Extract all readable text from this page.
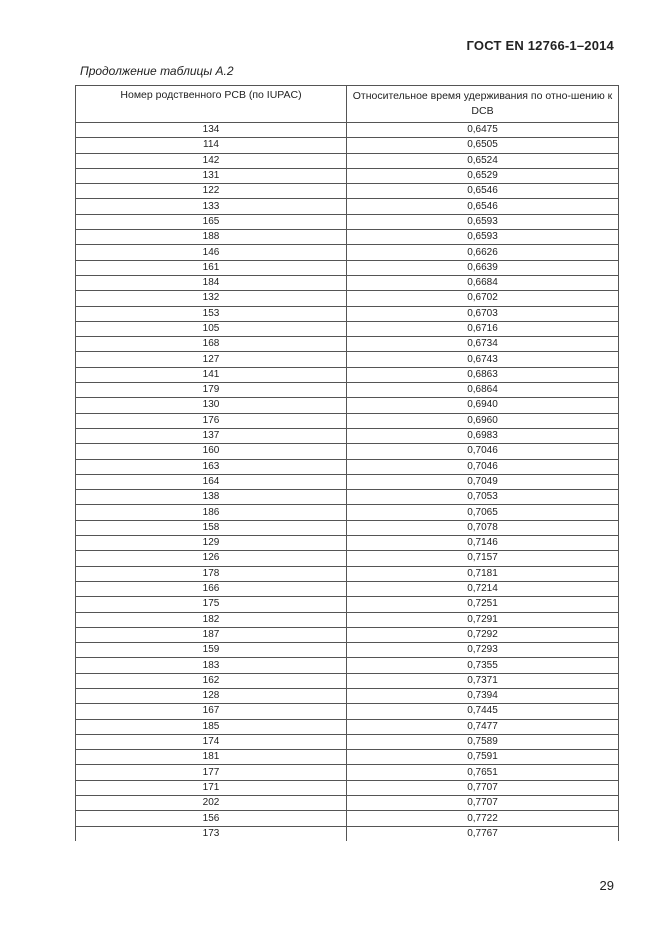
ГОСТ EN 12766-1–2014
Продолжение таблицы А.2
Номер родственного PCB (по IUPAC)	Относительное время удерживания по отно-шению к DCB
134	0,6475
114	0,6505
142	0,6524
131	0,6529
122	0,6546
133	0,6546
165	0,6593
188	0,6593
146	0,6626
161	0,6639
184	0,6684
132	0,6702
153	0,6703
105	0,6716
168	0,6734
127	0,6743
141	0,6863
179	0,6864
130	0,6940
176	0,6960
137	0,6983
160	0,7046
163	0,7046
164	0,7049
138	0,7053
186	0,7065
158	0,7078
129	0,7146
126	0,7157
178	0,7181
166	0,7214
175	0,7251
182	0,7291
187	0,7292
159	0,7293
183	0,7355
162	0,7371
128	0,7394
167	0,7445
185	0,7477
174	0,7589
181	0,7591
177	0,7651
171	0,7707
202	0,7707
156	0,7722
173	0,7767
29
